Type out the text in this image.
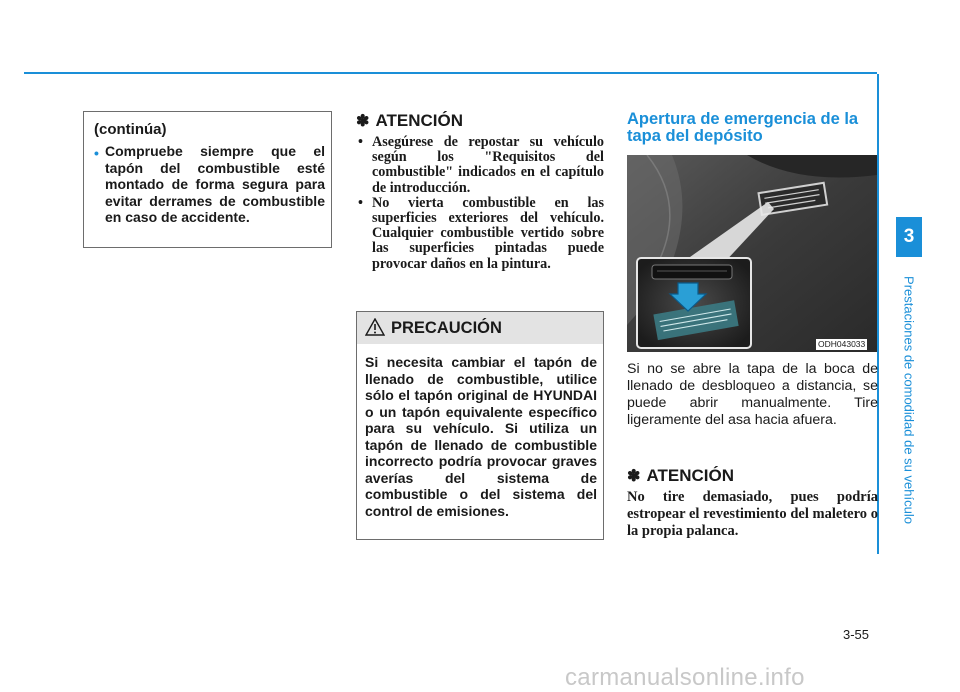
(continúa)
• Compruebe siempre que el tapón del combustible esté montado de forma segura para evitar derrames de combustible en caso de accidente.
✽ ATENCIÓN
• Asegúrese de repostar su vehículo según los "Requisitos del combustible" indicados en el capítulo de introducción.
• No vierta combustible en las superficies exteriores del vehículo. Cualquier combustible vertido sobre las superficies pintadas puede provocar daños en la pintura.
PRECAUCIÓN
Si necesita cambiar el tapón de llenado de combustible, utilice sólo el tapón original de HYUNDAI o un tapón equivalente específico para su vehículo. Si utiliza un tapón de llenado de combustible incorrecto podría provocar graves averías del sistema de combustible o del sistema del control de emisiones.
Apertura de emergencia de la tapa del depósito
ODH043033
Si no se abre la tapa de la boca de llenado de desbloqueo a distancia, se puede abrir manualmente. Tire ligeramente del asa hacia afuera.
✽ ATENCIÓN
No tire demasiado, pues podría estropear el revestimiento del maletero o la propia palanca.
3
Prestaciones de comodidad de su vehículo
3-55
carmanualsonline.info
